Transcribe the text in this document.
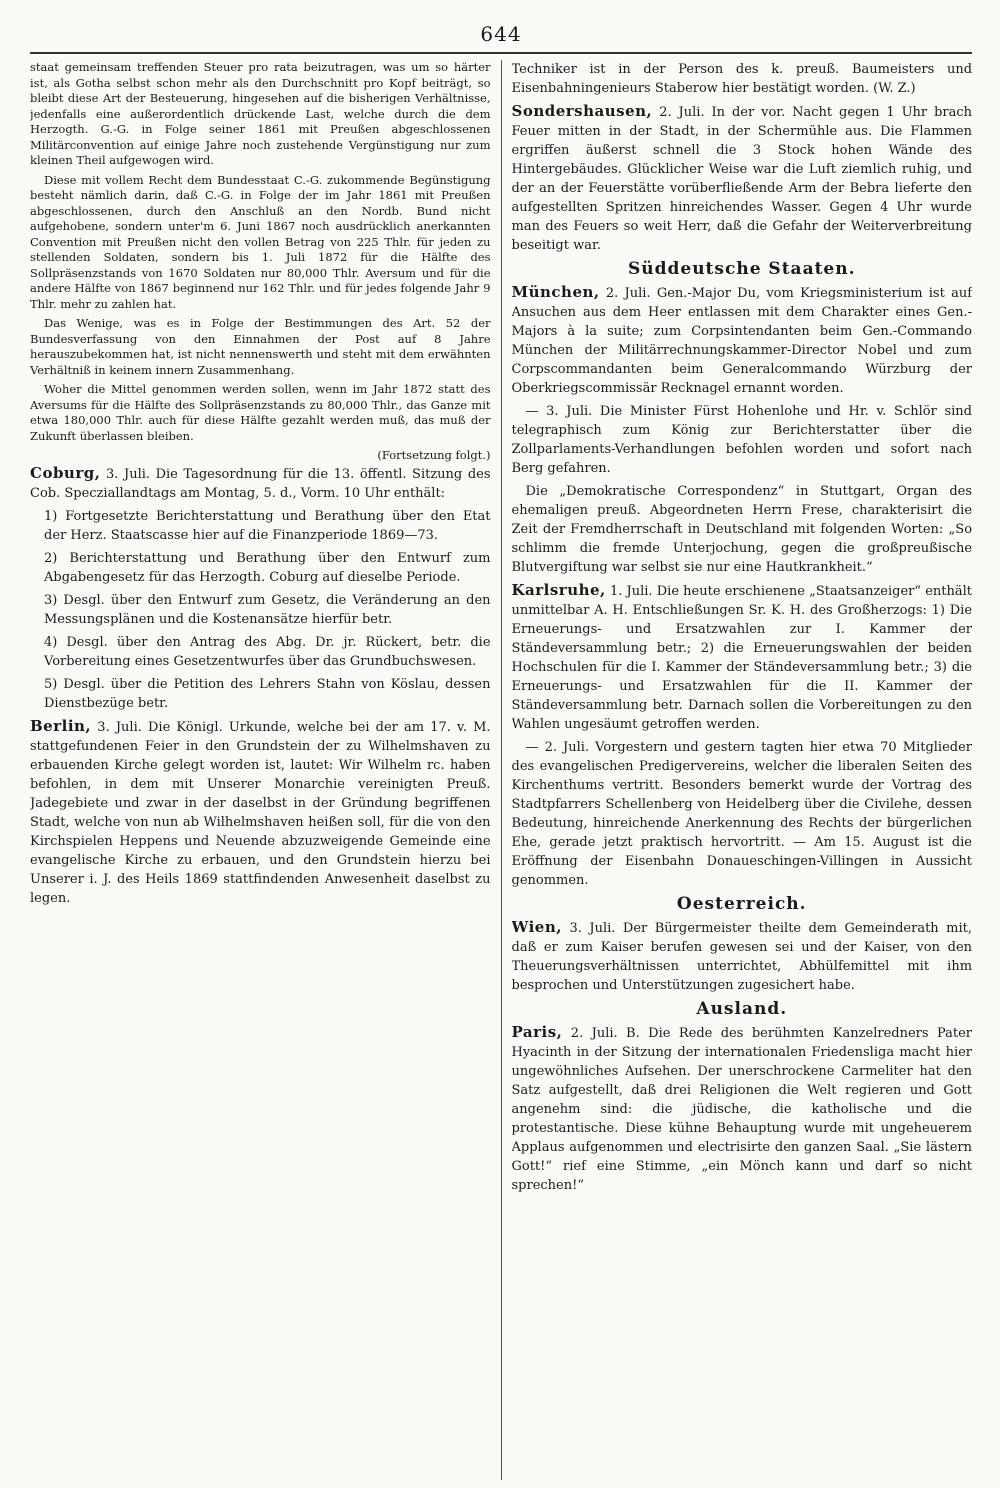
644

staat gemeinsam treffenden Steuer pro rata beizutragen, was um so härter ist, als Gotha selbst schon mehr als den Durchschnitt pro Kopf beiträgt, so bleibt diese Art der Besteuerung, hingesehen auf die bisherigen Verhältnisse, jedenfalls eine außerordentlich drückende Last, welche durch die dem Herzogth. G.-G. in Folge seiner 1861 mit Preußen abgeschlossenen Militärconvention auf einige Jahre noch zustehende Vergünstigung nur zum kleinen Theil aufgewogen wird.

Diese mit vollem Recht dem Bundesstaat C.-G. zukommende Begünstigung besteht nämlich darin, daß C.-G. in Folge der im Jahr 1861 mit Preußen abgeschlossenen, durch den Anschluß an den Nordb. Bund nicht aufgehobene, sondern unter'm 6. Juni 1867 noch ausdrücklich anerkannten Convention mit Preußen nicht den vollen Betrag von 225 Thlr. für jeden zu stellenden Soldaten, sondern bis 1. Juli 1872 für die Hälfte des Sollpräsenzstands von 1670 Soldaten nur 80,000 Thlr. Aversum und für die andere Hälfte von 1867 beginnend nur 162 Thlr. und für jedes folgende Jahr 9 Thlr. mehr zu zahlen hat.

Das Wenige, was es in Folge der Bestimmungen des Art. 52 der Bundesverfassung von den Einnahmen der Post auf 8 Jahre herauszubekommen hat, ist nicht nennenswerth und steht mit dem erwähnten Verhältniß in keinem innern Zusammenhang.

Woher die Mittel genommen werden sollen, wenn im Jahr 1872 statt des Aversums für die Hälfte des Sollpräsenzstands zu 80,000 Thlr., das Ganze mit etwa 180,000 Thlr. auch für diese Hälfte gezahlt werden muß, das muß der Zukunft überlassen bleiben.

(Fortsetzung folgt.)

Coburg, 3. Juli. Die Tagesordnung für die 13. öffentl. Sitzung des Cob. Specziallandtags am Montag, 5. d., Vorm. 10 Uhr enthält:

1) Fortgesetzte Berichterstattung und Berathung über den Etat der Herz. Staatscasse hier auf die Finanzperiode 1869—73.

2) Berichterstattung und Berathung über den Entwurf zum Abgabengesetz für das Herzogth. Coburg auf dieselbe Periode.

3) Desgl. über den Entwurf zum Gesetz, die Veränderung an den Messungsplänen und die Kostenansätze hierfür betr.

4) Desgl. über den Antrag des Abg. Dr. jr. Rückert, betr. die Vorbereitung eines Gesetzentwurfes über das Grundbuchswesen.

5) Desgl. über die Petition des Lehrers Stahn von Köslau, dessen Dienstbezüge betr.

Berlin, 3. Juli. Die Königl. Urkunde, welche bei der am 17. v. M. stattgefundenen Feier in den Grundstein der zu Wilhelmshaven zu erbauenden Kirche gelegt worden ist, lautet: Wir Wilhelm rc. haben befohlen, in dem mit Unserer Monarchie vereinigten Preuß. Jadegebiete und zwar in der daselbst in der Gründung begriffenen Stadt, welche von nun ab Wilhelmshaven heißen soll, für die von den Kirchspielen Heppens und Neuende abzuzweigende Gemeinde eine evangelische Kirche zu erbauen, und den Grundstein hierzu bei Unserer i. J. des Heils 1869 stattfindenden Anwesenheit daselbst zu legen.

Techniker ist in der Person des k. preuß. Baumeisters und Eisenbahningenieurs Staberow hier bestätigt worden. (W. Z.)

Sondershausen, 2. Juli. In der vor. Nacht gegen 1 Uhr brach Feuer mitten in der Stadt, in der Schermühle aus. Die Flammen ergriffen äußerst schnell die 3 Stock hohen Wände des Hintergebäudes. Glücklicher Weise war die Luft ziemlich ruhig, und der an der Feuerstätte vorüberfließende Arm der Bebra lieferte den aufgestellten Spritzen hinreichendes Wasser. Gegen 4 Uhr wurde man des Feuers so weit Herr, daß die Gefahr der Weiterverbreitung beseitigt war.

Süddeutsche Staaten.

München, 2. Juli. Gen.-Major Du, vom Kriegsministerium ist auf Ansuchen aus dem Heer entlassen mit dem Charakter eines Gen.-Majors à la suite; zum Corpsintendanten beim Gen.-Commando München der Militärrechnungskammer-Director Nobel und zum Corpscommandanten beim Generalcommando Würzburg der Oberkriegscommissär Recknagel ernannt worden.

— 3. Juli. Die Minister Fürst Hohenlohe und Hr. v. Schlör sind telegraphisch zum König zur Berichterstatter über die Zollparlaments-Verhandlungen befohlen worden und sofort nach Berg gefahren.

Die „Demokratische Correspondenz“ in Stuttgart, Organ des ehemaligen preuß. Abgeordneten Herrn Frese, charakterisirt die Zeit der Fremdherrschaft in Deutschland mit folgenden Worten: „So schlimm die fremde Unterjochung, gegen die großpreußische Blutvergiftung war selbst sie nur eine Hautkrankheit.“

Karlsruhe, 1. Juli. Die heute erschienene „Staatsanzeiger“ enthält unmittelbar A. H. Entschließungen Sr. K. H. des Großherzogs: 1) Die Erneuerungs- und Ersatzwahlen zur I. Kammer der Ständeversammlung betr.; 2) die Erneuerungswahlen der beiden Hochschulen für die I. Kammer der Ständeversammlung betr.; 3) die Erneuerungs- und Ersatzwahlen für die II. Kammer der Ständeversammlung betr. Darnach sollen die Vorbereitungen zu den Wahlen ungesäumt getroffen werden.

— 2. Juli. Vorgestern und gestern tagten hier etwa 70 Mitglieder des evangelischen Predigervereins, welcher die liberalen Seiten des Kirchenthums vertritt. Besonders bemerkt wurde der Vortrag des Stadtpfarrers Schellenberg von Heidelberg über die Civilehe, dessen Bedeutung, hinreichende Anerkennung des Rechts der bürgerlichen Ehe, gerade jetzt praktisch hervortritt. — Am 15. August ist die Eröffnung der Eisenbahn Donaueschingen-Villingen in Aussicht genommen.

Oesterreich.

Wien, 3. Juli. Der Bürgermeister theilte dem Gemeinderath mit, daß er zum Kaiser berufen gewesen sei und der Kaiser, von den Theuerungsverhältnissen unterrichtet, Abhülfemittel mit ihm besprochen und Unterstützungen zugesichert habe.

Ausland.

Paris, 2. Juli. B. Die Rede des berühmten Kanzelredners Pater Hyacinth in der Sitzung der internationalen Friedensliga macht hier ungewöhnliches Aufsehen. Der unerschrockene Carmeliter hat den Satz aufgestellt, daß drei Religionen die Welt regieren und Gott angenehm sind: die jüdische, die katholische und die protestantische. Diese kühne Behauptung wurde mit ungeheuerem Applaus aufgenommen und electrisirte den ganzen Saal. „Sie lästern Gott!“ rief eine Stimme, „ein Mönch kann und darf so nicht sprechen!“
